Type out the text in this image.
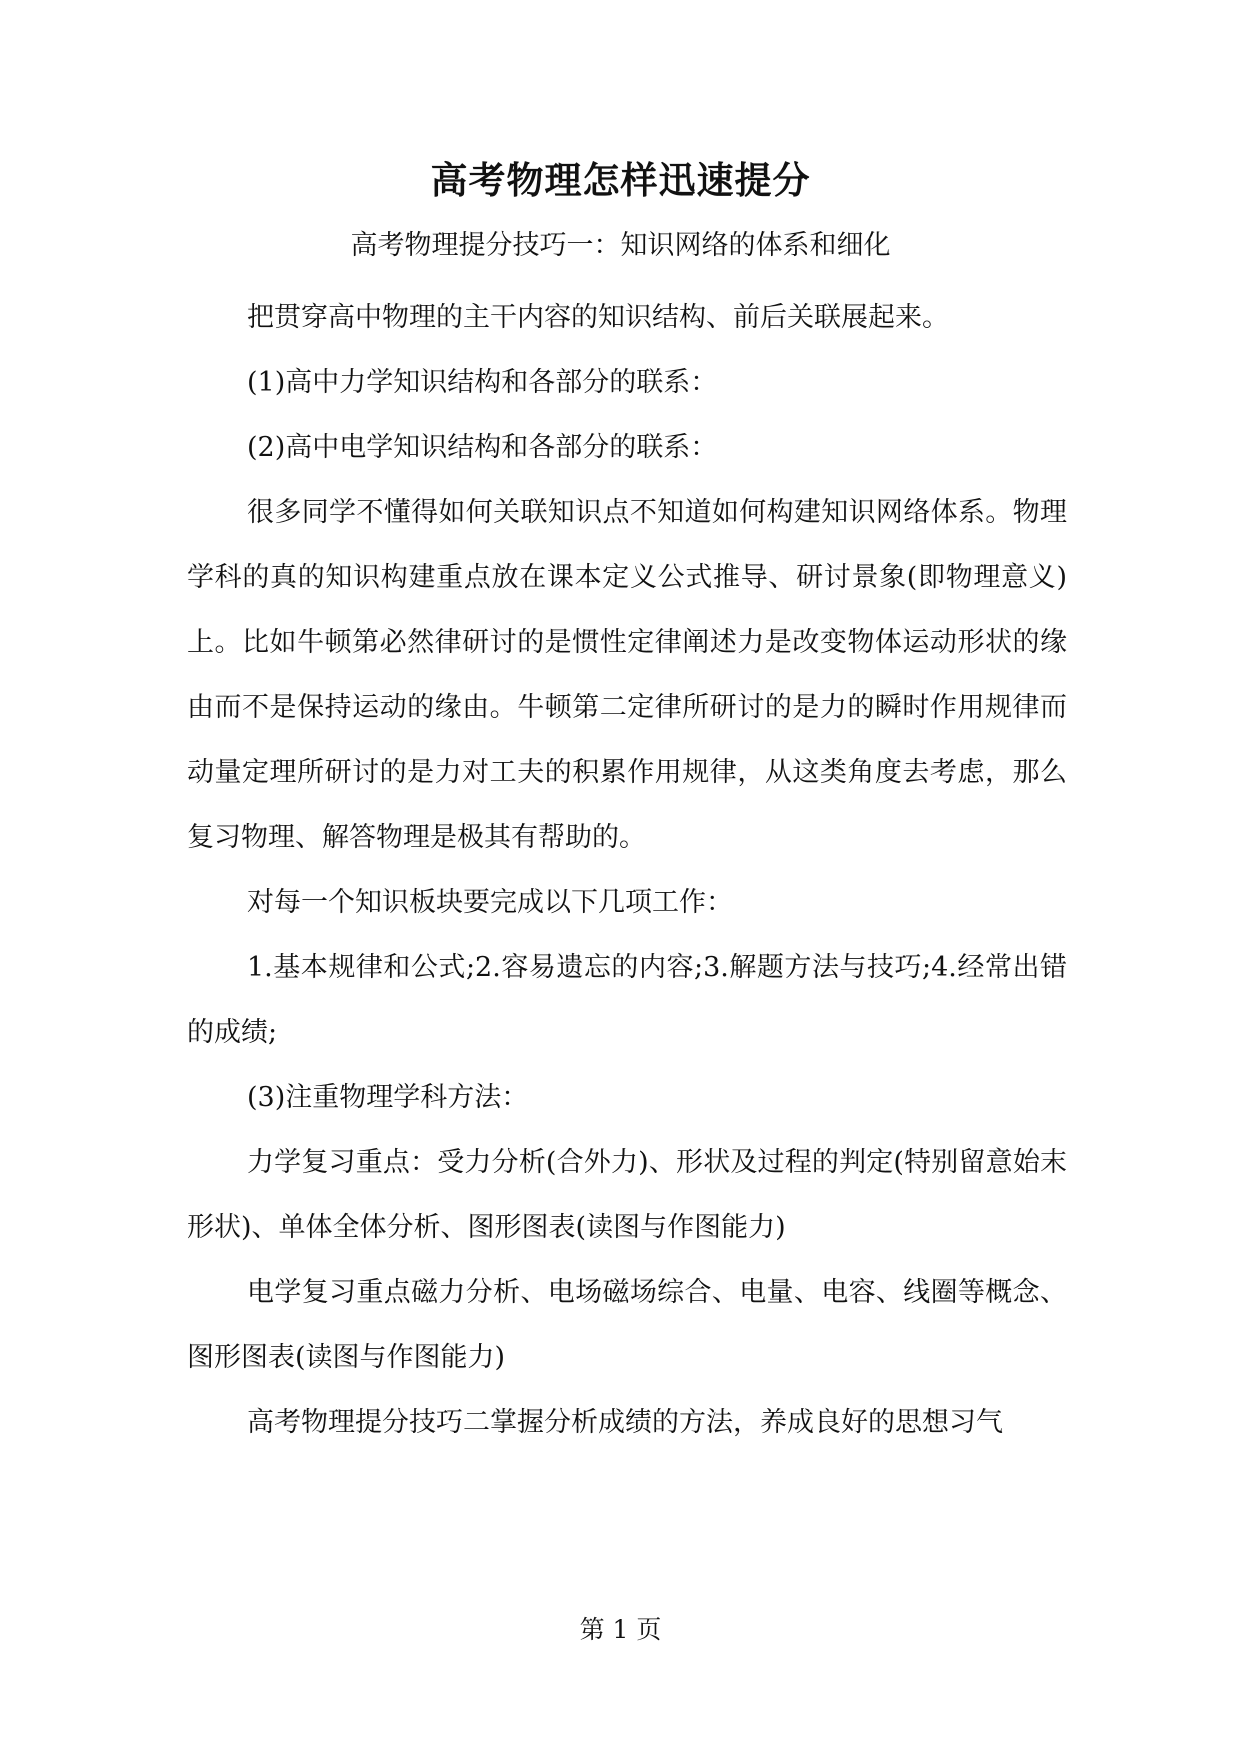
高考物理怎样迅速提分
高考物理提分技巧一：知识网络的体系和细化

把贯穿高中物理的主干内容的知识结构、前后关联展起来。

(1)高中力学知识结构和各部分的联系：

(2)高中电学知识结构和各部分的联系：

很多同学不懂得如何关联知识点不知道如何构建知识网络体系。物理学科的真的知识构建重点放在课本定义公式推导、研讨景象(即物理意义)上。比如牛顿第必然律研讨的是惯性定律阐述力是改变物体运动形状的缘由而不是保持运动的缘由。牛顿第二定律所研讨的是力的瞬时作用规律而动量定理所研讨的是力对工夫的积累作用规律，从这类角度去考虑，那么复习物理、解答物理是极其有帮助的。

对每一个知识板块要完成以下几项工作：

1.基本规律和公式;2.容易遗忘的内容;3.解题方法与技巧;4.经常出错的成绩;

(3)注重物理学科方法：

力学复习重点：受力分析(合外力)、形状及过程的判定(特别留意始末形状)、单体全体分析、图形图表(读图与作图能力)

电学复习重点磁力分析、电场磁场综合、电量、电容、线圈等概念、图形图表(读图与作图能力)

高考物理提分技巧二掌握分析成绩的方法，养成良好的思想习气

第 1 页
